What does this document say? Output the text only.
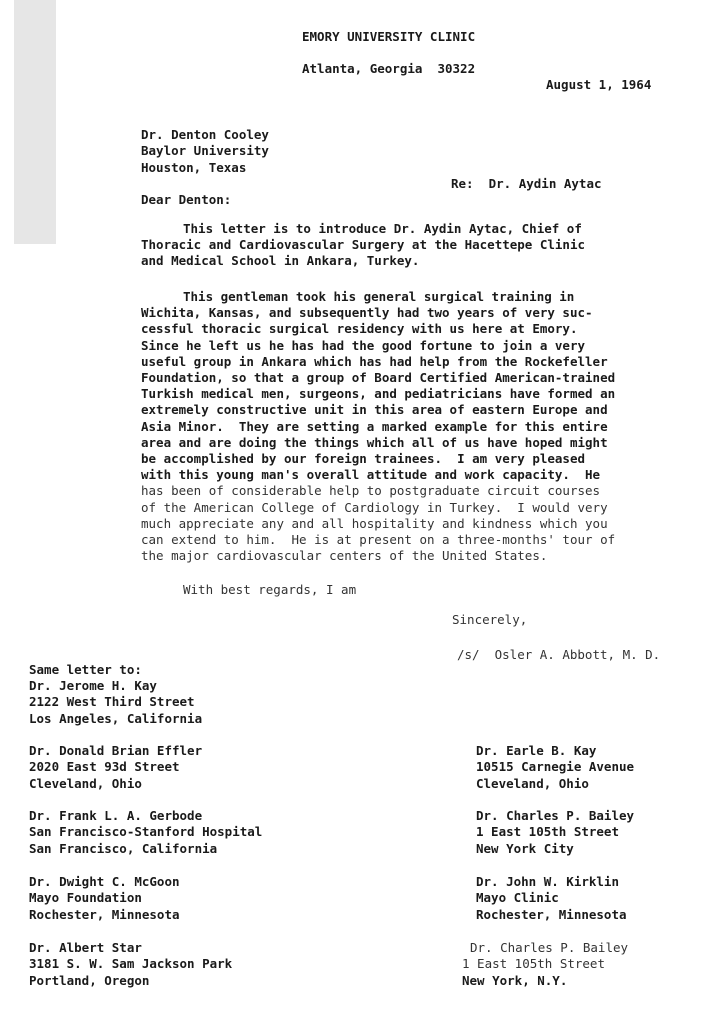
EMORY UNIVERSITY CLINIC
Atlanta, Georgia  30322
August 1, 1964
Dr. Denton Cooley
Baylor University
Houston, Texas
Re:  Dr. Aydin Aytac
Dear Denton:
This letter is to introduce Dr. Aydin Aytac, Chief of
Thoracic and Cardiovascular Surgery at the Hacettepe Clinic
and Medical School in Ankara, Turkey.
This gentleman took his general surgical training in
Wichita, Kansas, and subsequently had two years of very suc-
cessful thoracic surgical residency with us here at Emory.
Since he left us he has had the good fortune to join a very
useful group in Ankara which has had help from the Rockefeller
Foundation, so that a group of Board Certified American-trained
Turkish medical men, surgeons, and pediatricians have formed an
extremely constructive unit in this area of eastern Europe and
Asia Minor.  They are setting a marked example for this entire
area and are doing the things which all of us have hoped might
be accomplished by our foreign trainees.  I am very pleased
with this young man's overall attitude and work capacity.  He
has been of considerable help to postgraduate circuit courses
of the American College of Cardiology in Turkey.  I would very
much appreciate any and all hospitality and kindness which you
can extend to him.  He is at present on a three-months' tour of
the major cardiovascular centers of the United States.
With best regards, I am
Sincerely,
/s/  Osler A. Abbott, M. D.
Same letter to:
Dr. Jerome H. Kay
2122 West Third Street
Los Angeles, California
Dr. Donald Brian Effler
2020 East 93d Street
Cleveland, Ohio
Dr. Frank L. A. Gerbode
San Francisco-Stanford Hospital
San Francisco, California
Dr. Dwight C. McGoon
Mayo Foundation
Rochester, Minnesota
Dr. Albert Star
3181 S. W. Sam Jackson Park
Portland, Oregon
Dr. Earle B. Kay
10515 Carnegie Avenue
Cleveland, Ohio
Dr. Charles P. Bailey
1 East 105th Street
New York City
Dr. John W. Kirklin
Mayo Clinic
Rochester, Minnesota
Dr. Charles P. Bailey
1 East 105th Street
New York, N.Y.
